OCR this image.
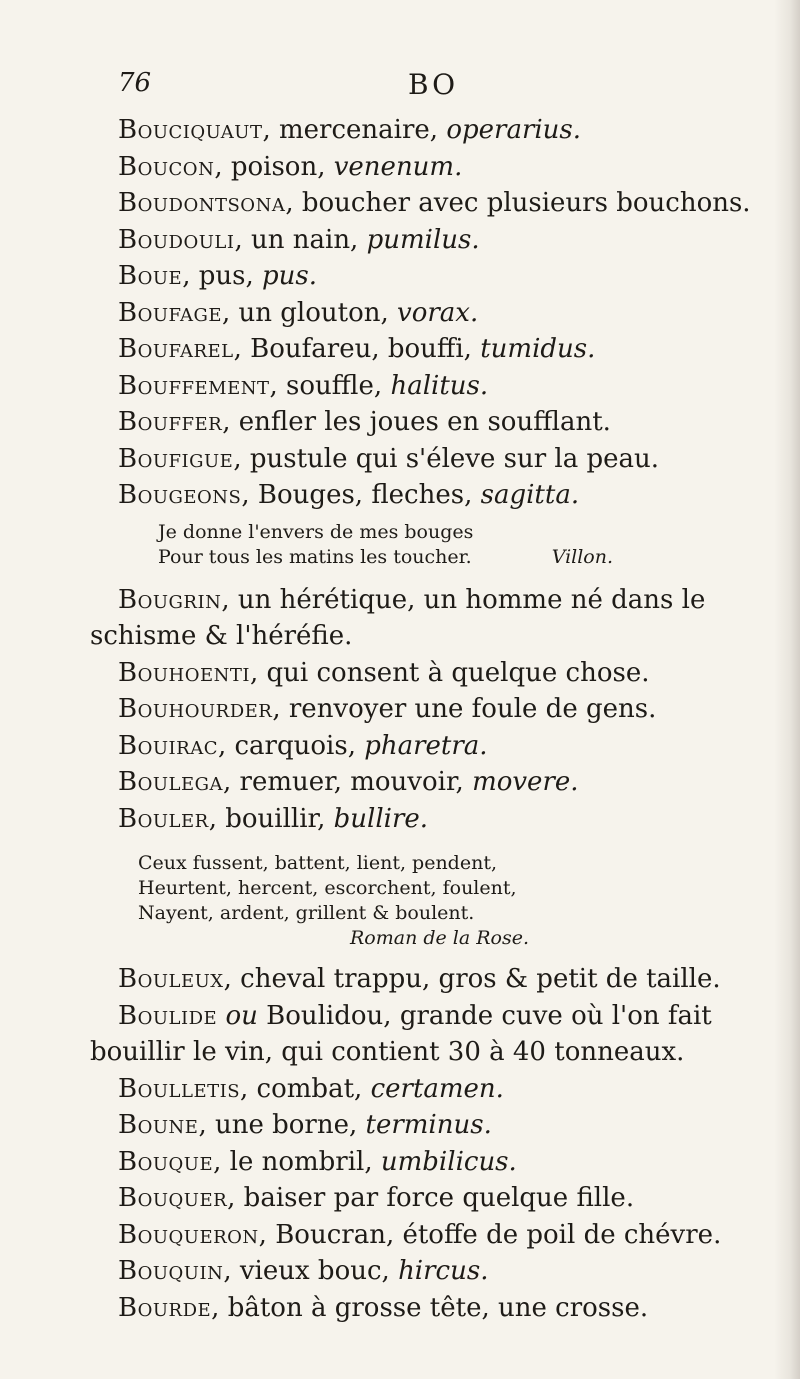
76	BO

Bouciquaut, mercenaire, operarius.

Boucon, poison, venenum.

Boudontsona, boucher avec plusieurs bouchons.

Boudouli, un nain, pumilus.

Boue, pus, pus.

Boufage, un glouton, vorax.

Boufarel, Boufareu, bouffi, tumidus.

Bouffement, souffle, halitus.

Bouffer, enfler les joues en soufflant.

Boufigue, pustule qui s'éleve sur la peau.

Bougeons, Bouges, fleches, sagitta.

Je donne l'envers de mes bouges

Pour tous les matins les toucher.	Villon.

Bougrin, un hérétique, un homme né dans le schisme & l'héréfie.

Bouhoenti, qui consent à quelque chose.

Bouhourder, renvoyer une foule de gens.

Bouirac, carquois, pharetra.

Boulega, remuer, mouvoir, movere.

Bouler, bouillir, bullire.

Ceux fussent, battent, lient, pendent,

Heurtent, hercent, escorchent, foulent,

Nayent, ardent, grillent & boulent.

Roman de la Rose.

Bouleux, cheval trappu, gros & petit de taille.

Boulide ou Boulidou, grande cuve où l'on fait bouillir le vin, qui contient 30 à 40 tonneaux.

Boulletis, combat, certamen.

Boune, une borne, terminus.

Bouque, le nombril, umbilicus.

Bouquer, baiser par force quelque fille.

Bouqueron, Boucran, étoffe de poil de chévre.

Bouquin, vieux bouc, hircus.

Bourde, bâton à grosse tête, une crosse.
